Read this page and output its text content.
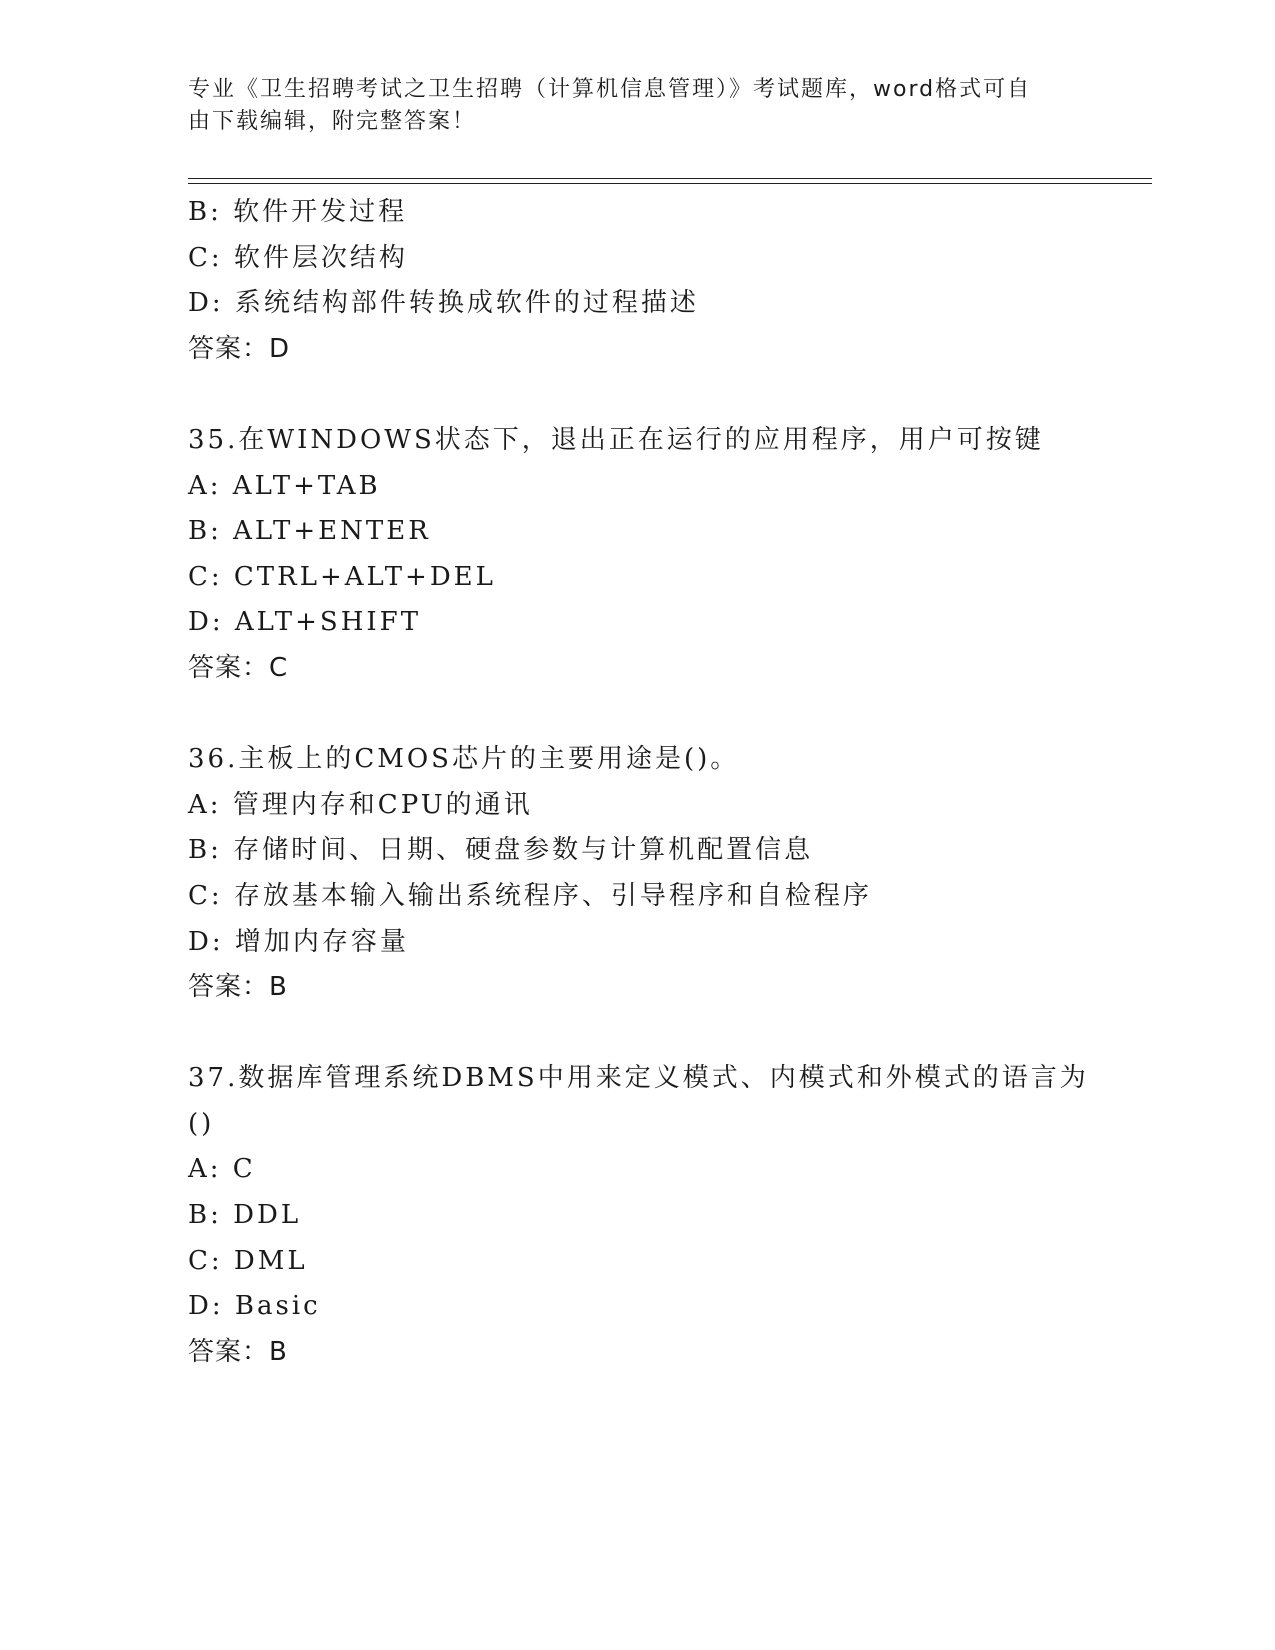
专业《卫生招聘考试之卫生招聘（计算机信息管理）》考试题库，word格式可自
由下载编辑，附完整答案！
B: 软件开发过程
C: 软件层次结构
D: 系统结构部件转换成软件的过程描述
答案：D
35.在WINDOWS状态下，退出正在运行的应用程序，用户可按键
A: ALT+TAB
B: ALT+ENTER
C: CTRL+ALT+DEL
D: ALT+SHIFT
答案：C
36.主板上的CMOS芯片的主要用途是()。
A: 管理内存和CPU的通讯
B: 存储时间、日期、硬盘参数与计算机配置信息
C: 存放基本输入输出系统程序、引导程序和自检程序
D: 增加内存容量
答案：B
37.数据库管理系统DBMS中用来定义模式、内模式和外模式的语言为
()
A: C
B: DDL
C: DML
D: Basic
答案：B
